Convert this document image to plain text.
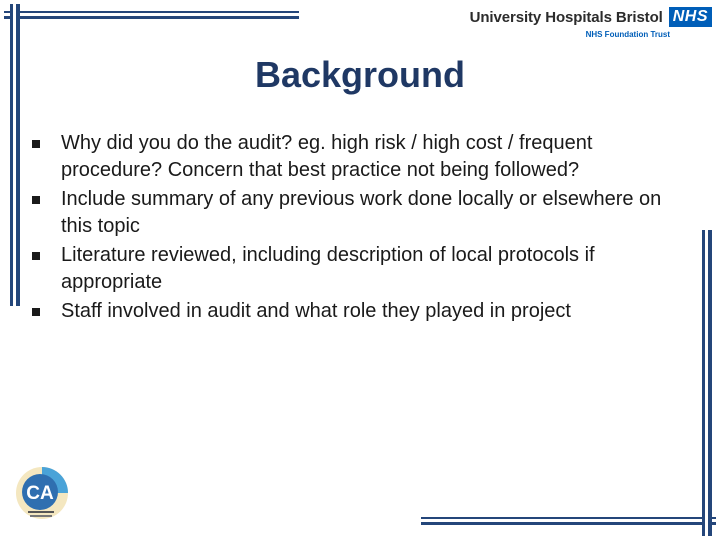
University Hospitals Bristol NHS
NHS Foundation Trust
Background
Why did you do the audit? eg. high risk / high cost / frequent procedure? Concern that best practice not being followed?
Include summary of any previous work done locally or elsewhere on this topic
Literature reviewed, including description of local protocols if appropriate
Staff involved in audit and what role they played in project
CA
